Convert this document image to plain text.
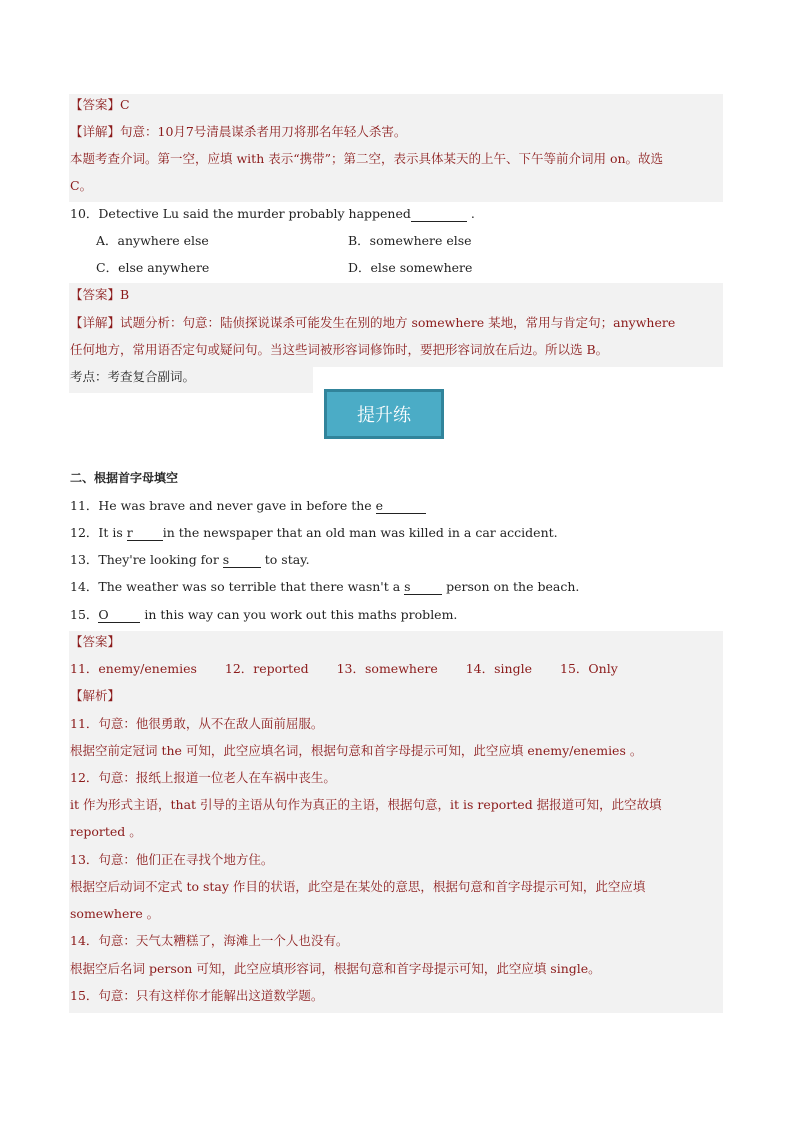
【答案】C
【详解】句意：10月7号清晨谋杀者用刀将那名年轻人杀害。
本题考查介词。第一空，应填 with 表示“携带”；第二空，表示具体某天的上午、下午等前介词用 on。故选
C。
10．Detective Lu said the murder probably happened	.
A．anywhere else	B．somewhere else
C．else anywhere	D．else somewhere
【答案】B
【详解】试题分析：句意：陆侦探说谋杀可能发生在别的地方 somewhere 某地，常用与肯定句；anywhere
任何地方，常用语否定句或疑问句。当这些词被形容词修饰时，要把形容词放在后边。所以选 B。
考点：考查复合副词。
提升练
二、根据首字母填空
11．He was brave and never gave in before the e
12．It is r in the newspaper that an old man was killed in a car accident.
13．They're looking for s	to stay.
14．The weather was so terrible that there wasn't a s	person on the beach.
15．O	in this way can you work out this maths problem.
【答案】
11．enemy/enemies 12．reported 13．somewhere 14．single 15．Only
【解析】
11．句意：他很勇敢，从不在敌人面前屈服。
根据空前定冠词 the 可知，此空应填名词，根据句意和首字母提示可知，此空应填 enemy/enemies 。
12．句意：报纸上报道一位老人在车祸中丧生。
it 作为形式主语，that 引导的主语从句作为真正的主语，根据句意，it is reported 据报道可知，此空故填
reported 。
13．句意：他们正在寻找个地方住。
根据空后动词不定式 to stay 作目的状语，此空是在某处的意思，根据句意和首字母提示可知，此空应填
somewhere 。
14．句意：天气太糟糕了，海滩上一个人也没有。
根据空后名词 person 可知，此空应填形容词，根据句意和首字母提示可知，此空应填 single。
15．句意：只有这样你才能解出这道数学题。
